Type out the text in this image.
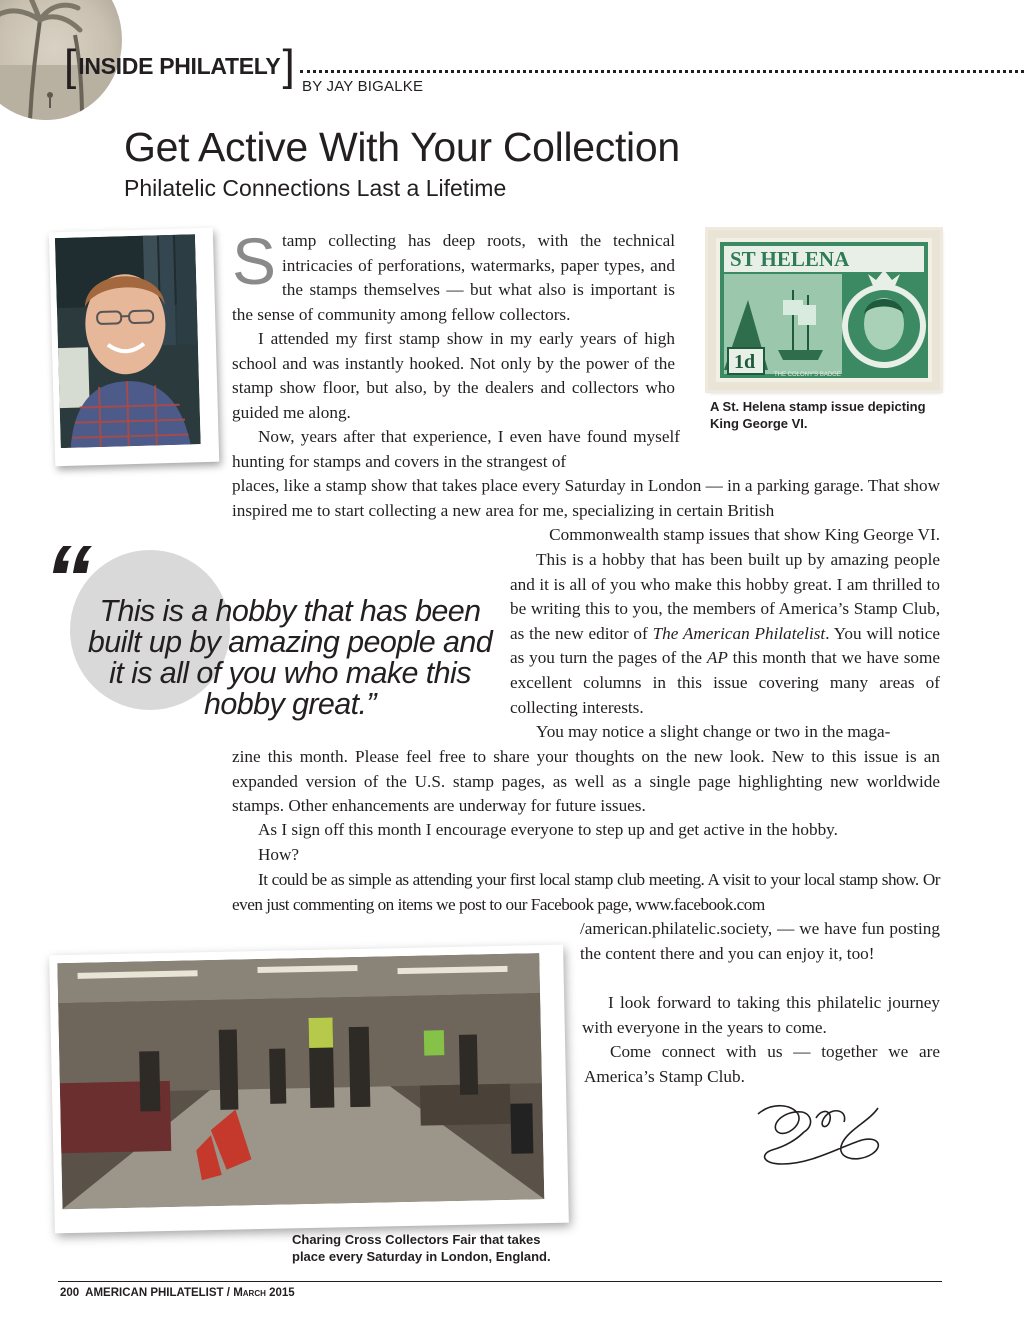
[ INSIDE PHILATELY ] BY JAY BIGALKE
Get Active With Your Collection
Philatelic Connections Last a Lifetime

Stamp collecting has deep roots, with the technical intricacies of perforations, watermarks, paper types, and the stamps themselves — but what also is important is the sense of community among fellow collectors.

I attended my first stamp show in my early years of high school and was instantly hooked. Not only by the power of the stamp show floor, but also, by the dealers and collectors who guided me along.

Now, years after that experience, I even have found myself hunting for stamps and covers in the strangest of

places, like a stamp show that takes place every Saturday in London — in a parking garage. That show inspired me to start collecting a new area for me, specializing in certain British

Commonwealth stamp issues that show King George VI.

This is a hobby that has been built up by amazing people and it is all of you who make this hobby great. I am thrilled to be writing this to you, the members of America’s Stamp Club, as the new editor of The American Philatelist. You will notice as you turn the pages of the AP this month that we have some excellent columns in this issue covering many areas of collecting interests.

You may notice a slight change or two in the maga-

zine this month. Please feel free to share your thoughts on the new look. New to this issue is an expanded version of the U.S. stamp pages, as well as a single page highlighting new worldwide stamps. Other enhancements are underway for future issues.

As I sign off this month I encourage everyone to step up and get active in the hobby.

How?

It could be as simple as attending your first local stamp club meeting. A visit to your local stamp show. Or even just commenting on items we post to our Facebook page, www.facebook.com

/american.philatelic.society, — we have fun posting the content there and you can enjoy it, too!

I look forward to taking this philatelic journey with everyone in the years to come.

Come connect with us — together we are America’s Stamp Club.

ST HELENA
1d
THE COLONY'S BADGE
A St. Helena stamp issue depicting King George VI.
“ This is a hobby that has been built up by amazing people and it is all of you who make this hobby great.”
Charing Cross Collectors Fair that takes place every Saturday in London, England.
200 AMERICAN PHILATELIST / March 2015
